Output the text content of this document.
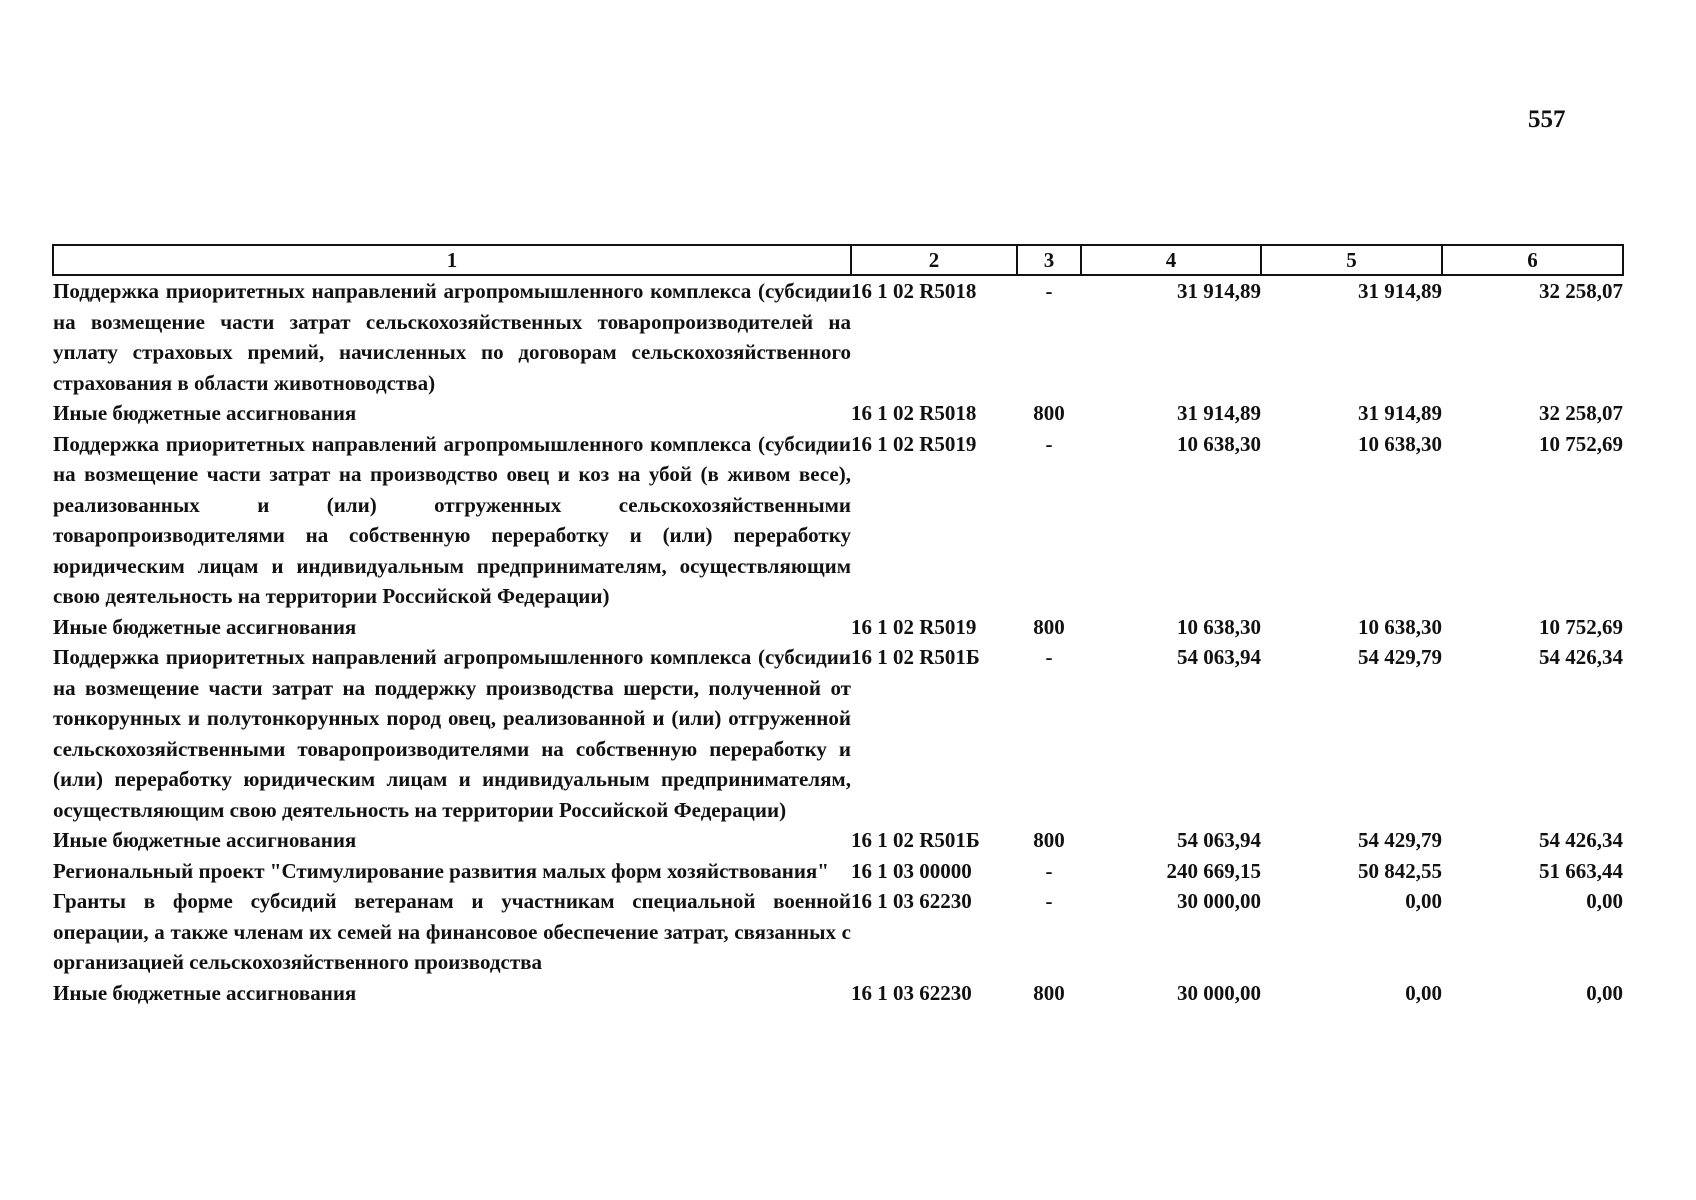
557
1	2	3	4	5	6
Поддержка приоритетных направлений агропромышленного комплекса (субсидии на возмещение части затрат сельскохозяйственных товаропроизводителей на уплату страховых премий, начисленных по договорам сельскохозяйственного страхования в области животноводства)	16 1 02 R5018	-	31 914,89	31 914,89	32 258,07
Иные бюджетные ассигнования	16 1 02 R5018	800	31 914,89	31 914,89	32 258,07
Поддержка приоритетных направлений агропромышленного комплекса (субсидии на возмещение части затрат на производство овец и коз на убой (в живом весе), реализованных и (или) отгруженных сельскохозяйственными товаропроизводителями на собственную переработку и (или) переработку юридическим лицам и индивидуальным предпринимателям, осуществляющим свою деятельность на территории Российской Федерации)	16 1 02 R5019	-	10 638,30	10 638,30	10 752,69
Иные бюджетные ассигнования	16 1 02 R5019	800	10 638,30	10 638,30	10 752,69
Поддержка приоритетных направлений агропромышленного комплекса (субсидии на возмещение части затрат на поддержку производства шерсти, полученной от тонкорунных и полутонкорунных пород овец, реализованной и (или) отгруженной сельскохозяйственными товаропроизводителями на собственную переработку и (или) переработку юридическим лицам и индивидуальным предпринимателям, осуществляющим свою деятельность на территории Российской Федерации)	16 1 02 R501Б	-	54 063,94	54 429,79	54 426,34
Иные бюджетные ассигнования	16 1 02 R501Б	800	54 063,94	54 429,79	54 426,34
Региональный проект "Стимулирование развития малых форм хозяйствования"	16 1 03 00000	-	240 669,15	50 842,55	51 663,44
Гранты в форме субсидий ветеранам и участникам специальной военной операции, а также членам их семей на финансовое обеспечение затрат, связанных с организацией сельскохозяйственного производства	16 1 03 62230	-	30 000,00	0,00	0,00
Иные бюджетные ассигнования	16 1 03 62230	800	30 000,00	0,00	0,00
